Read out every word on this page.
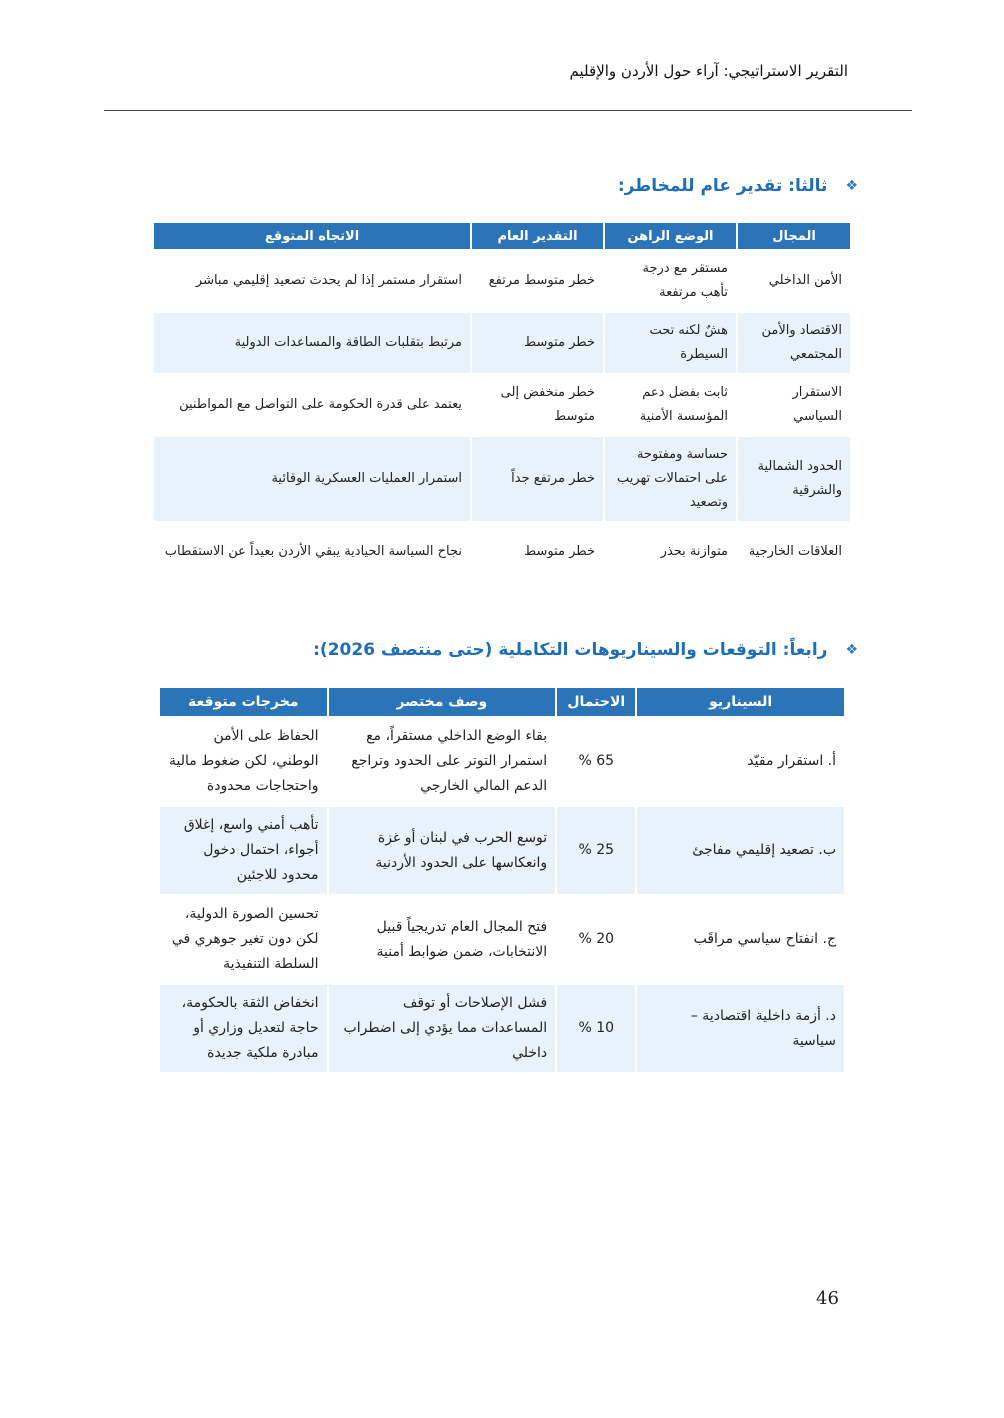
التقرير الاستراتيجي: آراء حول الأردن والإقليم
❖
ثالثا: تقدير عام للمخاطر:
المجال	الوضع الراهن	التقدير العام	الاتجاه المتوقع
الأمن الداخلي	مستقر مع درجة تأهب مرتفعة	خطر متوسط مرتفع	استقرار مستمر إذا لم يحدث تصعيد إقليمي مباشر
الاقتصاد والأمن المجتمعي	هشٌ لكنه تحت السيطرة	خطر متوسط	مرتبط بتقلبات الطاقة والمساعدات الدولية
الاستقرار السياسي	ثابت بفضل دعم المؤسسة الأمنية	خطر منخفض إلى متوسط	يعتمد على قدرة الحكومة على التواصل مع المواطنين
الحدود الشمالية والشرقية	حساسة ومفتوحة على احتمالات تهريب وتصعيد	خطر مرتفع جداً	استمرار العمليات العسكرية الوقائية
العلاقات الخارجية	متوازنة بحذر	خطر متوسط	نجاح السياسة الحيادية يبقي الأردن بعيداً عن الاستقطاب
❖
رابعاً: التوقعات والسيناريوهات التكاملية (حتى منتصف 2026):
السيناريو	الاحتمال	وصف مختصر	مخرجات متوقعة
أ. استقرار مقيّد	65 %	بقاء الوضع الداخلي مستقراً، مع استمرار التوتر على الحدود وتراجع الدعم المالي الخارجي	الحفاظ على الأمن الوطني، لكن ضغوط مالية واحتجاجات محدودة
ب. تصعيد إقليمي مفاجئ	25 %	توسع الحرب في لبنان أو غزة وانعكاسها على الحدود الأردنية	تأهب أمني واسع، إغلاق أجواء، احتمال دخول محدود للاجئين
ج. انفتاح سياسي مراقَب	20 %	فتح المجال العام تدريجياً قبيل الانتخابات، ضمن ضوابط أمنية	تحسين الصورة الدولية، لكن دون تغير جوهري في السلطة التنفيذية
د. أزمة داخلية اقتصادية – سياسية	10 %	فشل الإصلاحات أو توقف المساعدات مما يؤدي إلى اضطراب داخلي	انخفاض الثقة بالحكومة، حاجة لتعديل وزاري أو مبادرة ملكية جديدة
46
